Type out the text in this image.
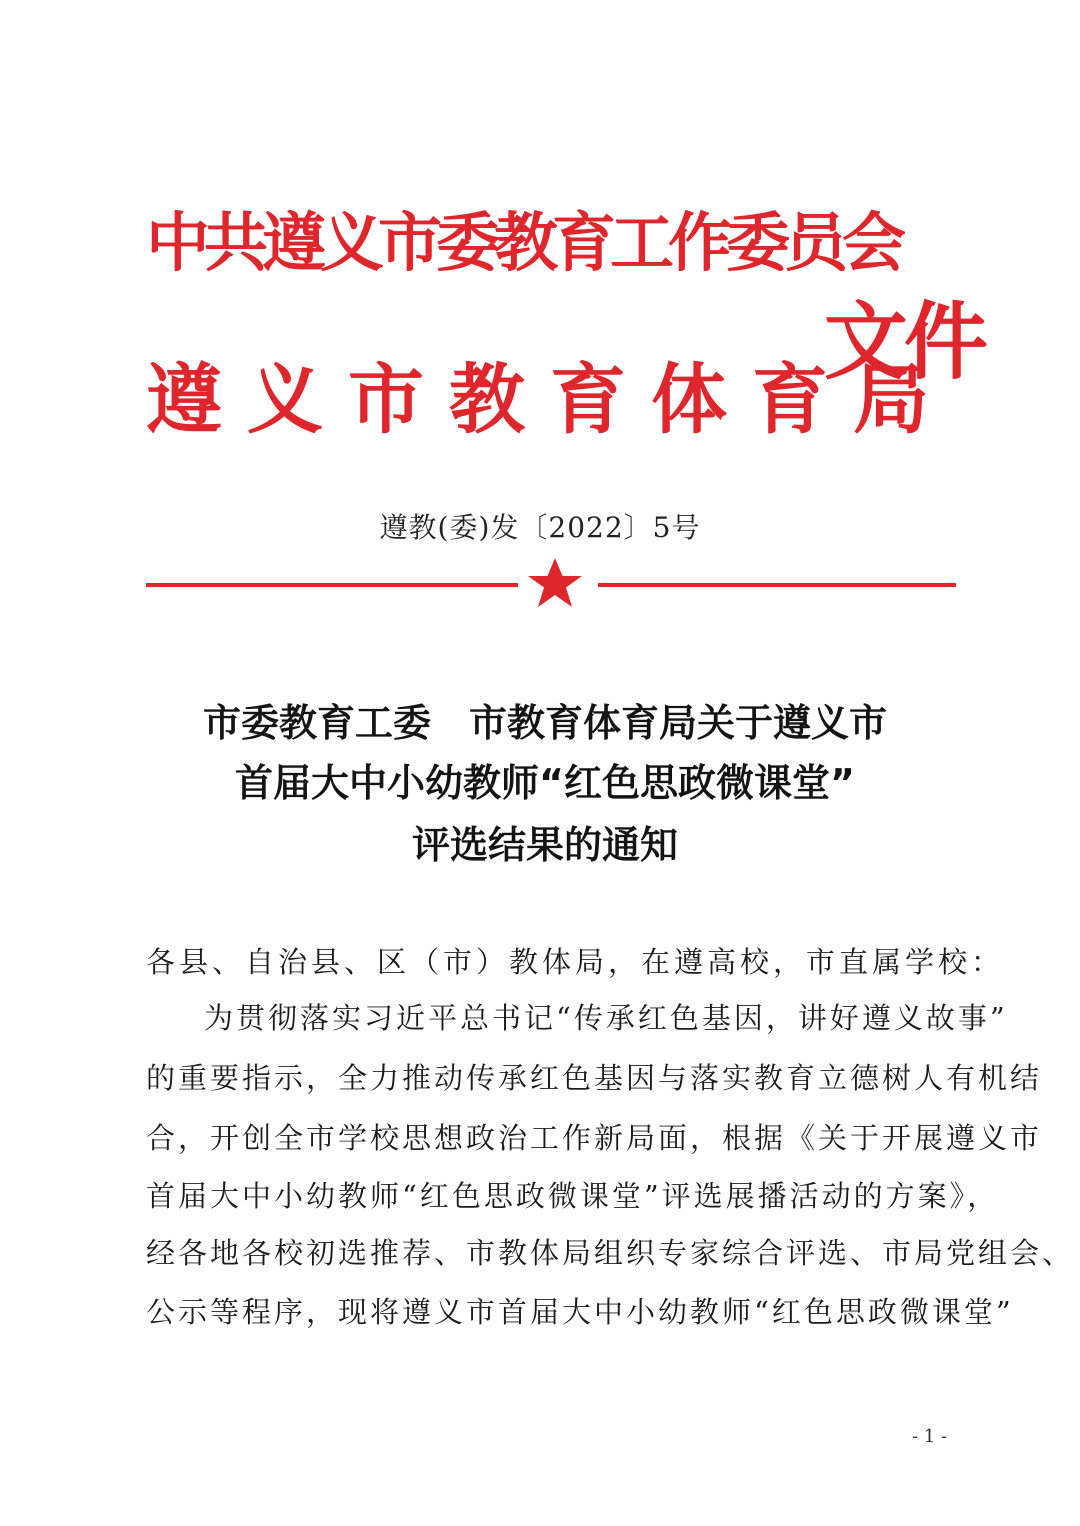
中共遵义市委教育工作委员会
遵义市教育体育局
文件
遵教(委)发〔2022〕5号
市委教育工委　市教育体育局关于遵义市
首届大中小幼教师“红色思政微课堂”
评选结果的通知
各县、自治县、区（市）教体局，在遵高校，市直属学校：
为贯彻落实习近平总书记“传承红色基因，讲好遵义故事”
的重要指示，全力推动传承红色基因与落实教育立德树人有机结
合，开创全市学校思想政治工作新局面，根据《关于开展遵义市
首届大中小幼教师“红色思政微课堂”评选展播活动的方案》，
经各地各校初选推荐、市教体局组织专家综合评选、市局党组会、
公示等程序，现将遵义市首届大中小幼教师“红色思政微课堂”
- 1 -
